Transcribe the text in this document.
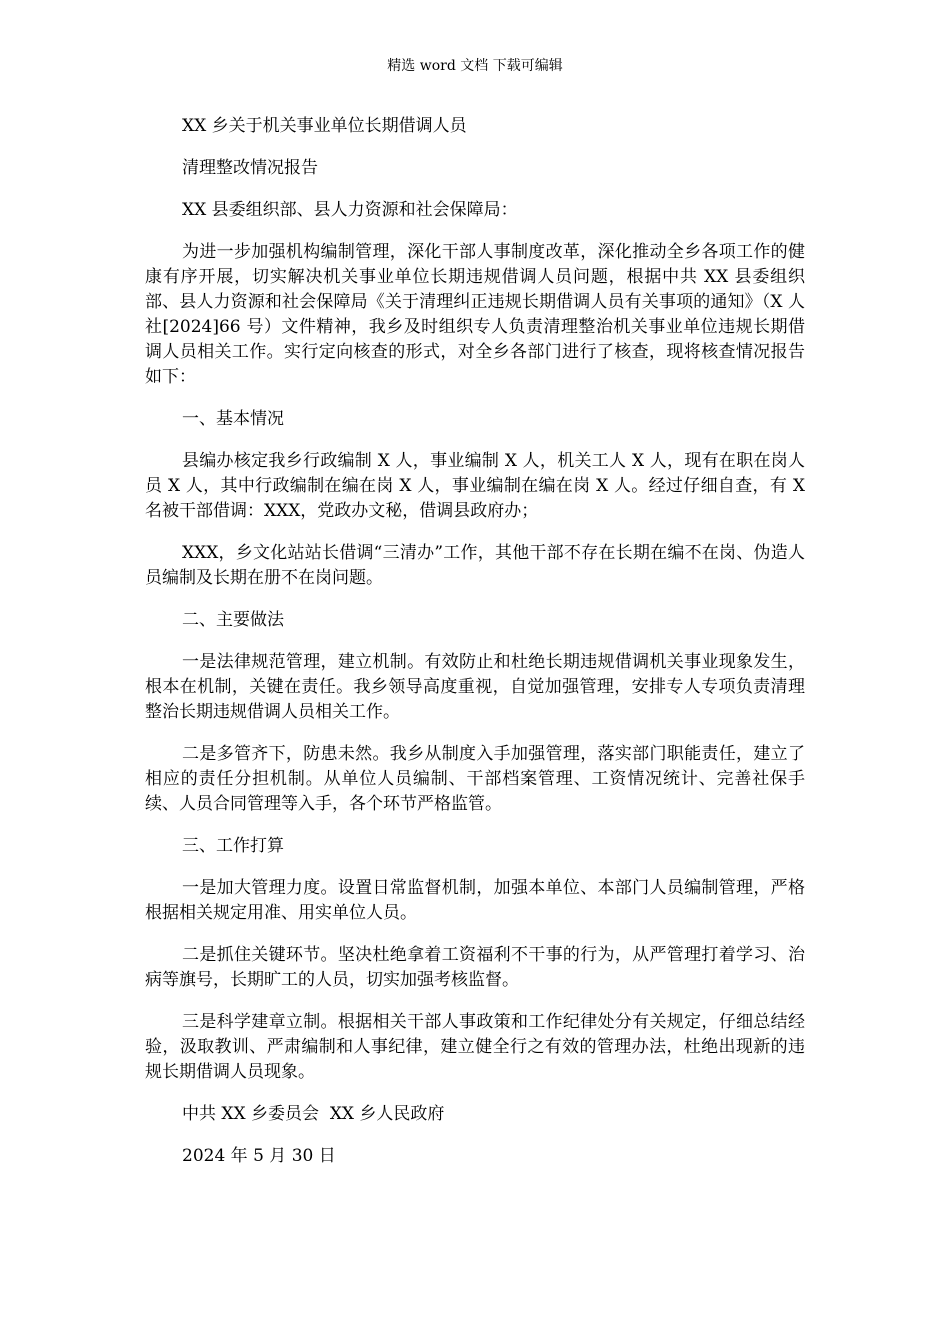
精选 word 文档 下载可编辑

XX 乡关于机关事业单位长期借调人员

清理整改情况报告

XX 县委组织部、县人力资源和社会保障局：

为进一步加强机构编制管理，深化干部人事制度改革，深化推动全乡各项工作的健康有序开展，切实解决机关事业单位长期违规借调人员问题，根据中共 XX 县委组织部、县人力资源和社会保障局《关于清理纠正违规长期借调人员有关事项的通知》（X 人社[2024]66 号）文件精神，我乡及时组织专人负责清理整治机关事业单位违规长期借调人员相关工作。实行定向核查的形式，对全乡各部门进行了核查，现将核查情况报告如下：

一、基本情况

县编办核定我乡行政编制 X 人，事业编制 X 人，机关工人 X 人，现有在职在岗人员 X 人，其中行政编制在编在岗 X 人，事业编制在编在岗 X 人。经过仔细自查，有 X 名被干部借调：XXX，党政办文秘，借调县政府办；

XXX，乡文化站站长借调“三清办”工作，其他干部不存在长期在编不在岗、伪造人员编制及长期在册不在岗问题。

二、主要做法

一是法律规范管理，建立机制。有效防止和杜绝长期违规借调机关事业现象发生，根本在机制，关键在责任。我乡领导高度重视，自觉加强管理，安排专人专项负责清理整治长期违规借调人员相关工作。

二是多管齐下，防患未然。我乡从制度入手加强管理，落实部门职能责任，建立了相应的责任分担机制。从单位人员编制、干部档案管理、工资情况统计、完善社保手续、人员合同管理等入手，各个环节严格监管。

三、工作打算

一是加大管理力度。设置日常监督机制，加强本单位、本部门人员编制管理，严格根据相关规定用准、用实单位人员。

二是抓住关键环节。坚决杜绝拿着工资福利不干事的行为，从严管理打着学习、治病等旗号，长期旷工的人员，切实加强考核监督。

三是科学建章立制。根据相关干部人事政策和工作纪律处分有关规定，仔细总结经验，汲取教训、严肃编制和人事纪律，建立健全行之有效的管理办法，杜绝出现新的违规长期借调人员现象。

中共 XX 乡委员会  XX 乡人民政府

2024 年 5 月 30 日
